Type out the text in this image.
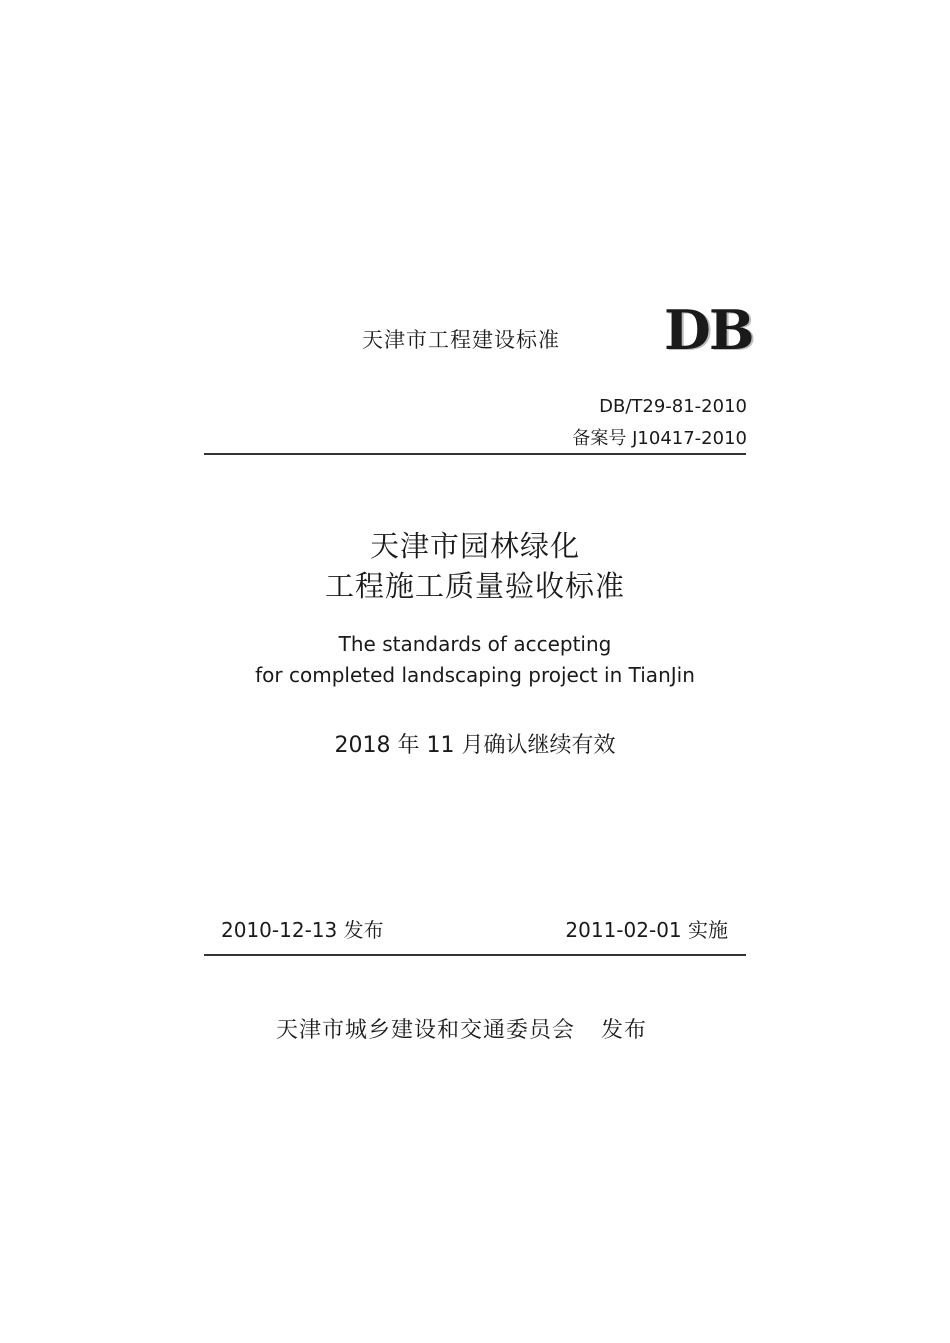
天津市工程建设标准 DB
DB/T29-81-2010
备案号 J10417-2010
天津市园林绿化
工程施工质量验收标准
The standards of accepting
for completed landscaping project in TianJin
2018 年 11 月确认继续有效
2010-12-13 发布	2011-02-01 实施
天津市城乡建设和交通委员会 发布
